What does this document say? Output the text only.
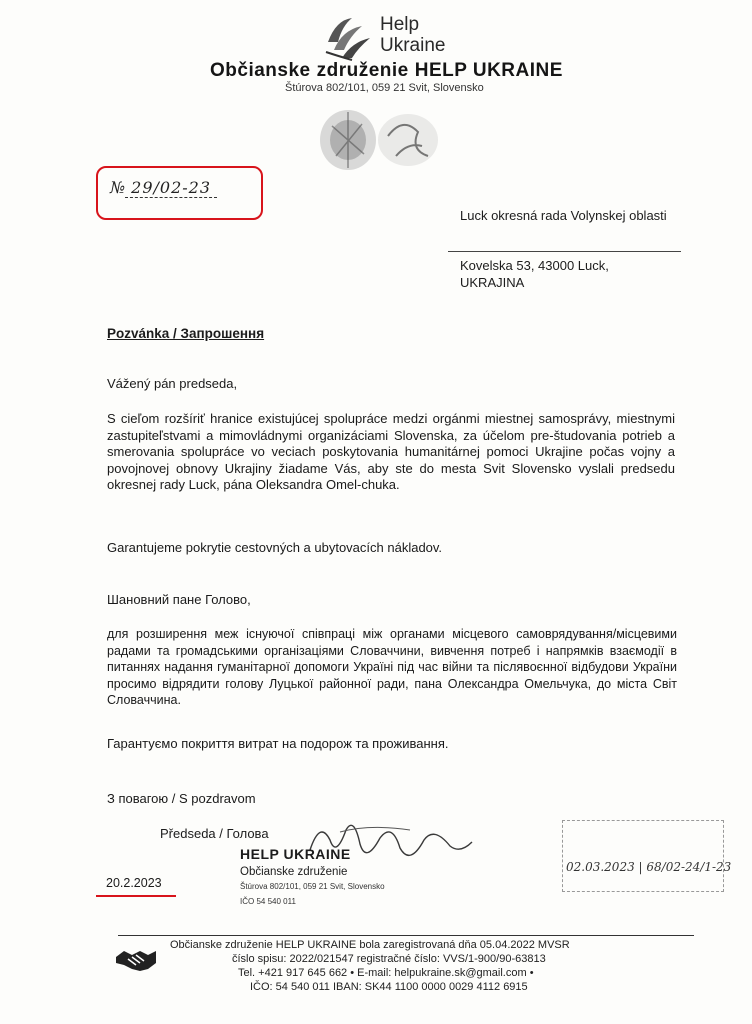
Help
Ukraine
Občianske združenie HELP UKRAINE
Štúrova 802/101, 059 21 Svit, Slovensko
№ 29/02-23
Luck okresná rada Volynskej oblasti
Kovelska 53, 43000 Luck,
UKRAJINA
Pozvánka / Запрошення
Vážený pán predseda,
S cieľom rozšíriť hranice existujúcej spolupráce medzi orgánmi miestnej samosprávy, miestnymi zastupiteľstvami a mimovládnymi organizáciami Slovenska, za účelom pre-študovania potrieb a smerovania spolupráce vo veciach poskytovania humanitárnej pomoci Ukrajine počas vojny a povojnovej obnovy Ukrajiny žiadame Vás, aby ste do mesta Svit Slovensko vyslali predsedu okresnej rady Luck, pána Oleksandra Omel-chuka.
Garantujeme pokrytie cestovných a ubytovacích nákladov.
Шановний пане Голово,
для розширення меж існуючої співпраці між органами місцевого самоврядування/місцевими радами та громадськими організаціями Словаччини, вивчення потреб і напрямків взаємодії в питаннях надання гуманітарної допомоги Україні під час війни та післявоєнної відбудови України просимо відрядити голову Луцької районної ради, пана Олександра Омельчука, до міста Світ Словаччина.
Гарантуємо покриття витрат на подорож та проживання.
З повагою / S pozdravom
Předseda / Голова
HELP UKRAINE
Občianske združenie
Štúrova 802/101, 059 21 Svit, Slovensko
IČO 54 540 011
20.2.2023
02.03.2023 | 68/02-24/1-23
Občianske združenie HELP UKRAINE bola zaregistrovaná dňa 05.04.2022 MVSR
číslo spisu: 2022/021547 registračné číslo: VVS/1-900/90-63813
Tel. +421 917 645 662 • E-mail: helpukraine.sk@gmail.com •
IČO: 54 540 011 IBAN: SK44 1100 0000 0029 4112 6915
